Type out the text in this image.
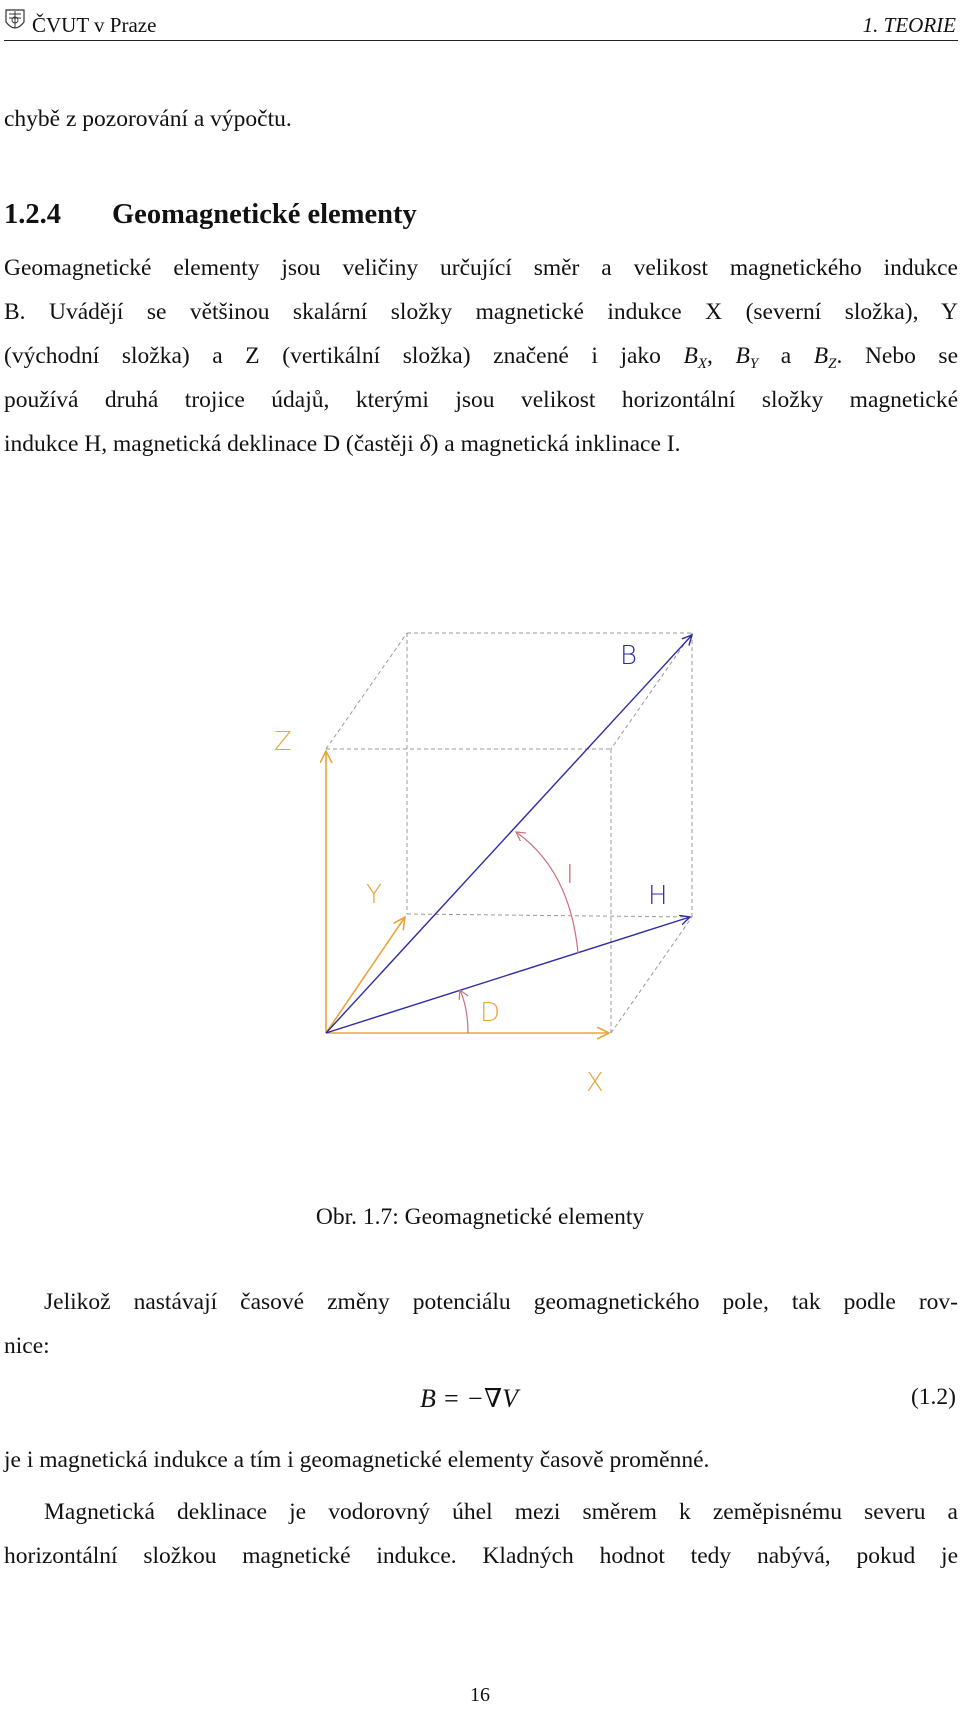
ČVUT v Praze	1. TEORIE
chybě z pozorování a výpočtu.
1.2.4 Geomagnetické elementy
Geomagnetické elementy jsou veličiny určující směr a velikost magnetického indukce
B. Uvádějí se většinou skalární složky magnetické indukce X (severní složka), Y
(východní složka) a Z (vertikální složka) značené i jako $B_X$, $B_Y$ a $B_Z$. Nebo se
používá druhá trojice údajů, kterými jsou velikost horizontální složky magnetické
indukce H, magnetická deklinace D (častěji δ) a magnetická inklinace I.
B
Z
Y
I
H
D
X
Obr. 1.7: Geomagnetické elementy
Jelikož nastávají časové změny potenciálu geomagnetického pole, tak podle rov-
nice:
B = −∇V	(1.2)
je i magnetická indukce a tím i geomagnetické elementy časově proměnné.
Magnetická deklinace je vodorovný úhel mezi směrem k zeměpisnému severu a
horizontální složkou magnetické indukce. Kladných hodnot tedy nabývá, pokud je
16
